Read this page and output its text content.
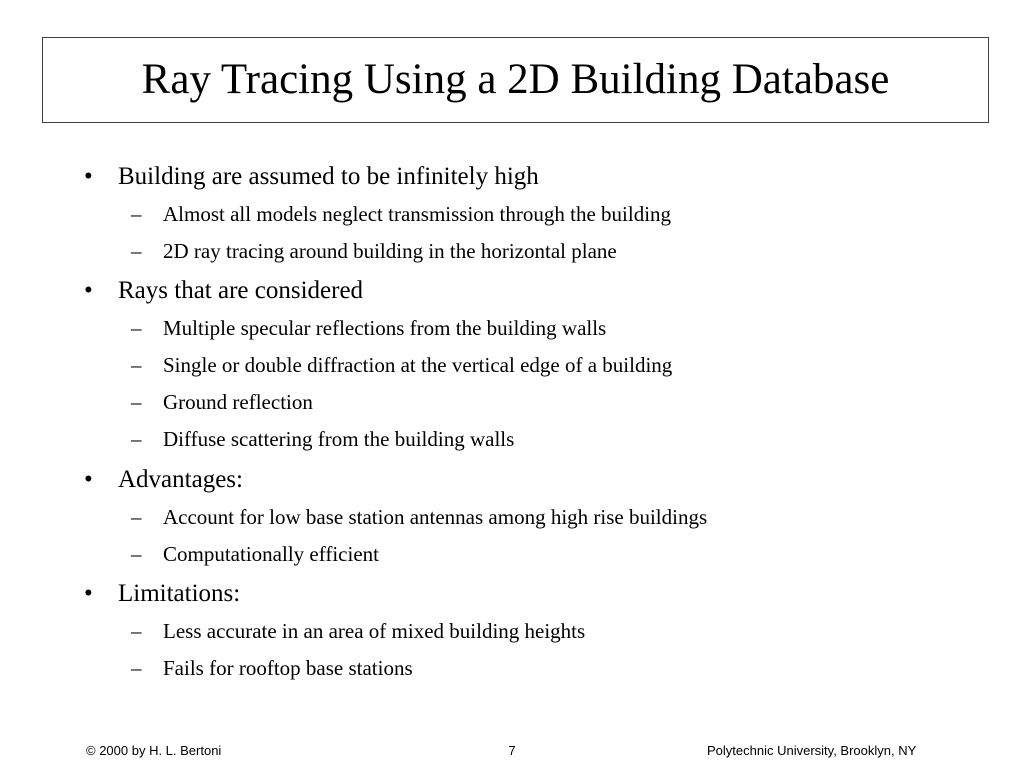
Ray Tracing Using a 2D Building Database
• Building are assumed to be infinitely high
– Almost all models neglect transmission through the building
– 2D ray tracing around building in the horizontal plane
• Rays that are considered
– Multiple specular reflections from the building walls
– Single or double diffraction at the vertical edge of a building
– Ground reflection
– Diffuse scattering from the building walls
• Advantages:
– Account for low base station antennas among high rise buildings
– Computationally efficient
• Limitations:
– Less accurate in an area of mixed building heights
– Fails for rooftop base stations
© 2000 by H. L. Bertoni	7	Polytechnic University, Brooklyn, NY
